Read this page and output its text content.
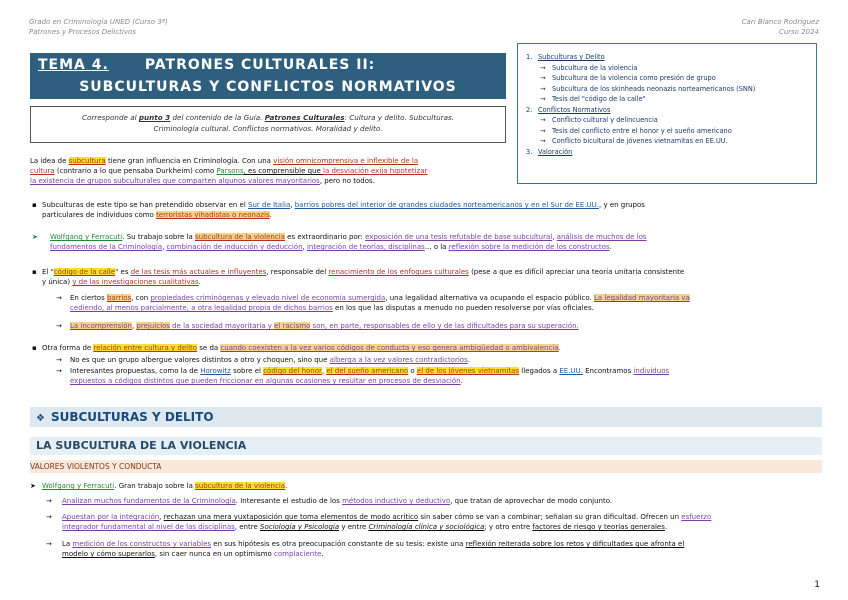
Grado en Criminología UNED (Curso 3º)
Patrones y Procesos Delictivos
Cari Blanco Rodríguez
Curso 2024
TEMA 4.	PATRONES CULTURALES II:
SUBCULTURAS Y CONFLICTOS NORMATIVOS
Corresponde al punto 3 del contenido de la Guía. Patrones Culturales: Cultura y delito. Subculturas.
Criminología cultural. Conflictos normativos. Moralidad y delito.
1. Subculturas y Delito
→ Subcultura de la violencia
→ Subcultura de la violencia como presión de grupo
→ Subcultura de los skinheads neonazis norteamericanos (SNN)
→ Tesis del "código de la calle"
2. Conflictos Normativos
→ Conflicto cultural y delincuencia
→ Tesis del conflicto entre el honor y el sueño americano
→ Conflicto bicultural de jóvenes vietnamitas en EE.UU.
3. Valoración
La idea de subcultura tiene gran influencia en Criminología. Con una visión omnicomprensiva e inflexible de la
cultura (contrario a lo que pensaba Durkheim) como Parsons, es comprensible que la desviación exija hipotetizar
la existencia de grupos subculturales que comparten algunos valores mayoritarios, pero no todos.
▪ Subculturas de este tipo se han pretendido observar en el Sur de Italia, barrios pobres del interior de grandes ciudades norteamericanos y en el Sur de EE.UU., y en grupos
particulares de individuos como terroristas yihadistas o neonazis.
➤ Wolfgang y Ferracuti. Su trabajo sobre la subcultura de la violencia es extraordinario por: exposición de una tesis refutable de base subcultural, análisis de muchos de los
fundamentos de la Criminología, combinación de inducción y deducción, integración de teorías, disciplinas... o la reflexión sobre la medición de los constructos.
▪ El "código de la calle" es de las tesis más actuales e influyentes, responsable del renacimiento de los enfoques culturales (pese a que es difícil apreciar una teoría unitaria consistente
y única) y de las investigaciones cualitativas.
→ En ciertos barrios, con propiedades criminógenas y elevado nivel de economía sumergida, una legalidad alternativa va ocupando el espacio público. La legalidad mayoritaria va
cediendo, al menos parcialmente, a otra legalidad propia de dichos barrios en los que las disputas a menudo no pueden resolverse por vías oficiales.
→ La incomprensión, prejuicios de la sociedad mayoritaria y el racismo son, en parte, responsables de ello y de las dificultades para su superación.
▪ Otra forma de relación entre cultura y delito se da cuando coexisten a la vez varios códigos de conducta y eso genera ambigüedad o ambivalencia.
→ No es que un grupo albergue valores distintos a otro y choquen, sino que alberga a la vez valores contradictorios.
→ Interesantes propuestas, como la de Horowitz sobre el código del honor, el del sueño americano o el de los jóvenes vietnamitas llegados a EE.UU. Encontramos individuos
expuestos a códigos distintos que pueden friccionar en algunas ocasiones y resultar en procesos de desviación.
❖ SUBCULTURAS Y DELITO
LA SUBCULTURA DE LA VIOLENCIA
VALORES VIOLENTOS Y CONDUCTA
➤ Wolfgang y Ferracuti. Gran trabajo sobre la subcultura de la violencia.
→ Analizan muchos fundamentos de la Criminología. Interesante el estudio de los métodos inductivo y deductivo, que tratan de aprovechar de modo conjunto.
→ Apuestan por la integración, rechazan una mera yuxtaposición que toma elementos de modo acrítico sin saber cómo se van a combinar; señalan su gran dificultad. Ofrecen un esfuerzo
integrador fundamental al nivel de las disciplinas, entre Sociología y Psicología y entre Criminología clínica y sociológica; y otro entre factores de riesgo y teorías generales.
→ La medición de los constructos y variables en sus hipótesis es otra preocupación constante de su tesis: existe una reflexión reiterada sobre los retos y dificultades que afronta el
modelo y cómo superarlos, sin caer nunca en un optimismo complaciente.
1
